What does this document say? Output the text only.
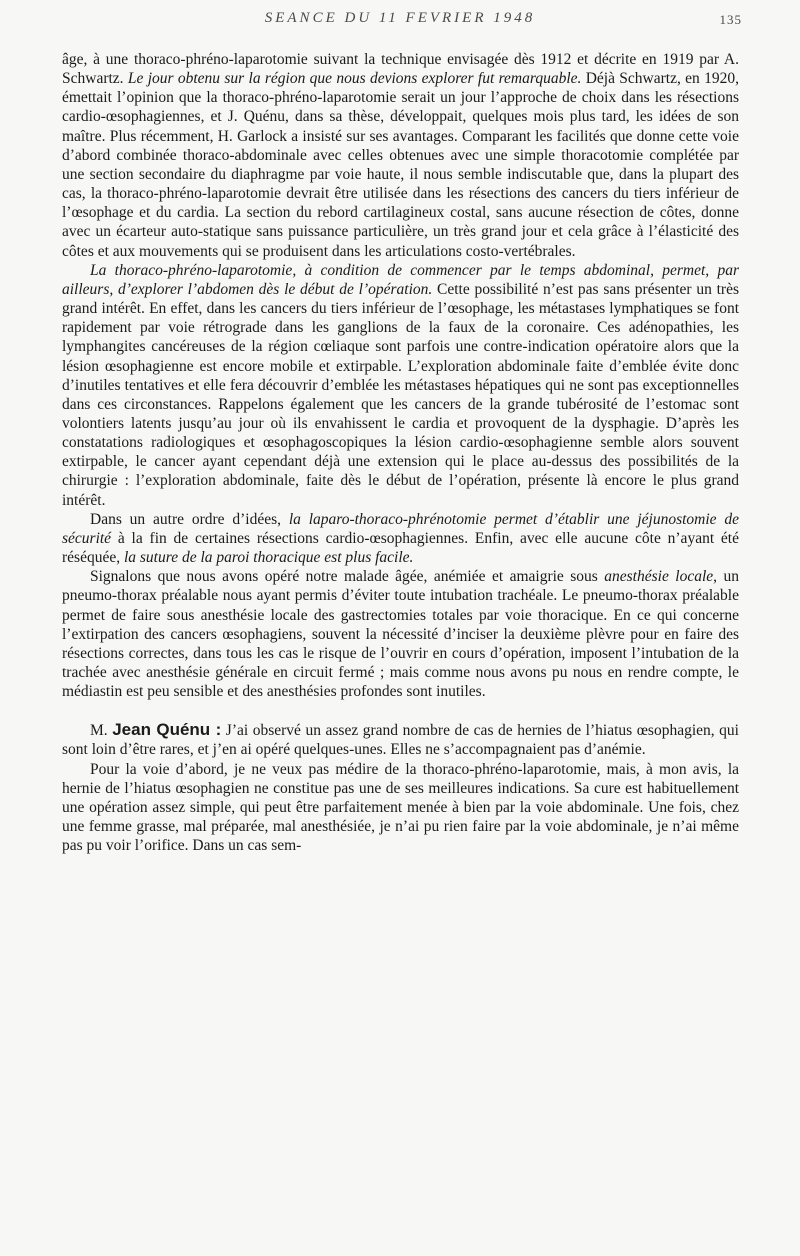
SEANCE DU 11 FEVRIER 1948	135

âge, à une thoraco-phréno-laparotomie suivant la technique envisagée dès 1912 et décrite en 1919 par A. Schwartz. Le jour obtenu sur la région que nous devions explorer fut remarquable. Déjà Schwartz, en 1920, émettait l’opinion que la thoraco-phréno-laparotomie serait un jour l’approche de choix dans les résections cardio-œsophagiennes, et J. Quénu, dans sa thèse, développait, quelques mois plus tard, les idées de son maître. Plus récemment, H. Garlock a insisté sur ses avantages. Comparant les facilités que donne cette voie d’abord combinée thoraco-abdominale avec celles obtenues avec une simple thoracotomie complétée par une section secondaire du diaphragme par voie haute, il nous semble indiscutable que, dans la plupart des cas, la thoraco-phréno-laparotomie devrait être utilisée dans les résections des cancers du tiers inférieur de l’œsophage et du cardia. La section du rebord cartilagineux costal, sans aucune résection de côtes, donne avec un écarteur auto-statique sans puissance particulière, un très grand jour et cela grâce à l’élasticité des côtes et aux mouvements qui se produisent dans les articulations costo-vertébrales.

La thoraco-phréno-laparotomie, à condition de commencer par le temps abdominal, permet, par ailleurs, d’explorer l’abdomen dès le début de l’opération. Cette possibilité n’est pas sans présenter un très grand intérêt. En effet, dans les cancers du tiers inférieur de l’œsophage, les métastases lymphatiques se font rapidement par voie rétrograde dans les ganglions de la faux de la coronaire. Ces adénopathies, les lymphangites cancéreuses de la région cœliaque sont parfois une contre-indication opératoire alors que la lésion œsophagienne est encore mobile et extirpable. L’exploration abdominale faite d’emblée évite donc d’inutiles tentatives et elle fera découvrir d’emblée les métastases hépatiques qui ne sont pas exceptionnelles dans ces circonstances. Rappelons également que les cancers de la grande tubérosité de l’estomac sont volontiers latents jusqu’au jour où ils envahissent le cardia et provoquent de la dysphagie. D’après les constatations radiologiques et œsophagoscopiques la lésion cardio-œsophagienne semble alors souvent extirpable, le cancer ayant cependant déjà une extension qui le place au-dessus des possibilités de la chirurgie : l’exploration abdominale, faite dès le début de l’opération, présente là encore le plus grand intérêt.

Dans un autre ordre d’idées, la laparo-thoraco-phrénotomie permet d’établir une jéjunostomie de sécurité à la fin de certaines résections cardio-œsophagiennes. Enfin, avec elle aucune côte n’ayant été réséquée, la suture de la paroi thoracique est plus facile.

Signalons que nous avons opéré notre malade âgée, anémiée et amaigrie sous anesthésie locale, un pneumo-thorax préalable nous ayant permis d’éviter toute intubation trachéale. Le pneumo-thorax préalable permet de faire sous anesthésie locale des gastrectomies totales par voie thoracique. En ce qui concerne l’extirpation des cancers œsophagiens, souvent la nécessité d’inciser la deuxième plèvre pour en faire des résections correctes, dans tous les cas le risque de l’ouvrir en cours d’opération, imposent l’intubation de la trachée avec anesthésie générale en circuit fermé ; mais comme nous avons pu nous en rendre compte, le médiastin est peu sensible et des anesthésies profondes sont inutiles.

M. Jean Quénu : J’ai observé un assez grand nombre de cas de hernies de l’hiatus œsophagien, qui sont loin d’être rares, et j’en ai opéré quelques-unes. Elles ne s’accompagnaient pas d’anémie.

Pour la voie d’abord, je ne veux pas médire de la thoraco-phréno-laparotomie, mais, à mon avis, la hernie de l’hiatus œsophagien ne constitue pas une de ses meilleures indications. Sa cure est habituellement une opération assez simple, qui peut être parfaitement menée à bien par la voie abdominale. Une fois, chez une femme grasse, mal préparée, mal anesthésiée, je n’ai pu rien faire par la voie abdominale, je n’ai même pas pu voir l’orifice. Dans un cas sem-
